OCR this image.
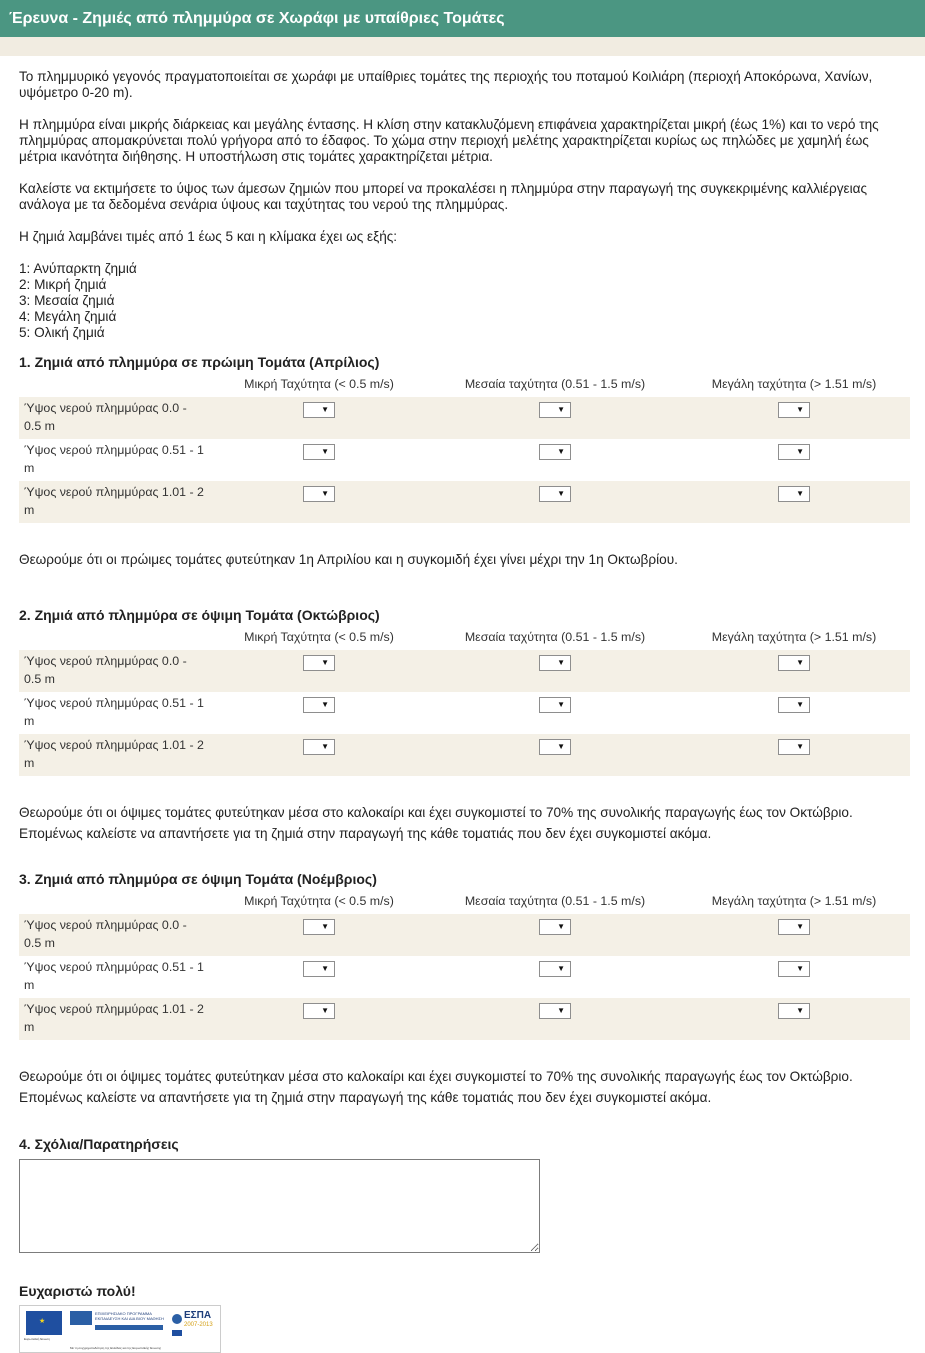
Έρευνα - Ζημιές από πλημμύρα σε Χωράφι με υπαίθριες Τομάτες

Το πλημμυρικό γεγονός πραγματοποιείται σε χωράφι με υπαίθριες τομάτες της περιοχής του ποταμού Κοιλιάρη (περιοχή Αποκόρωνα, Χανίων, υψόμετρο 0-20 m).

Η πλημμύρα είναι μικρής διάρκειας και μεγάλης έντασης. Η κλίση στην κατακλυζόμενη επιφάνεια χαρακτηρίζεται μικρή (έως 1%) και το νερό της πλημμύρας απομακρύνεται πολύ γρήγορα από το έδαφος. Το χώμα στην περιοχή μελέτης χαρακτηρίζεται κυρίως ως πηλώδες με χαμηλή έως μέτρια ικανότητα διήθησης. Η υποστήλωση στις τομάτες χαρακτηρίζεται μέτρια.

Καλείστε να εκτιμήσετε το ύψος των άμεσων ζημιών που μπορεί να προκαλέσει η πλημμύρα στην παραγωγή της συγκεκριμένης καλλιέργειας ανάλογα με τα δεδομένα σενάρια ύψους και ταχύτητας του νερού της πλημμύρας.

Η ζημιά λαμβάνει τιμές από 1 έως 5 και η κλίμακα έχει ως εξής:

1: Ανύπαρκτη ζημιά
2: Μικρή ζημιά
3: Μεσαία ζημιά
4: Μεγάλη ζημιά
5: Ολική ζημιά
1. Ζημιά από πλημμύρα σε πρώιμη Τομάτα (Απρίλιος)
	Μικρή Ταχύτητα (< 0.5 m/s)	Μεσαία ταχύτητα (0.51 - 1.5 m/s)	Μεγάλη ταχύτητα (> 1.51 m/s)
Ύψος νερού πλημμύρας 0.0 - 0.5 m	▼	▼	▼

Ύψος νερού πλημμύρας 0.51 - 1 m	▼	▼	▼

Ύψος νερού πλημμύρας 1.01 - 2 m	▼	▼	▼
Θεωρούμε ότι οι πρώιμες τομάτες φυτεύτηκαν 1η Απριλίου και η συγκομιδή έχει γίνει μέχρι την 1η Οκτωβρίου.
2. Ζημιά από πλημμύρα σε όψιμη Τομάτα (Οκτώβριος)
	Μικρή Ταχύτητα (< 0.5 m/s)	Μεσαία ταχύτητα (0.51 - 1.5 m/s)	Μεγάλη ταχύτητα (> 1.51 m/s)
Ύψος νερού πλημμύρας 0.0 - 0.5 m	▼	▼	▼

Ύψος νερού πλημμύρας 0.51 - 1 m	▼	▼	▼

Ύψος νερού πλημμύρας 1.01 - 2 m	▼	▼	▼
Θεωρούμε ότι οι όψιμες τομάτες φυτεύτηκαν μέσα στο καλοκαίρι και έχει συγκομιστεί το 70% της συνολικής παραγωγής έως τον Οκτώβριο.
Επομένως καλείστε να απαντήσετε για τη ζημιά στην παραγωγή της κάθε τοματιάς που δεν έχει συγκομιστεί ακόμα.
3. Ζημιά από πλημμύρα σε όψιμη Τομάτα (Νοέμβριος)
	Μικρή Ταχύτητα (< 0.5 m/s)	Μεσαία ταχύτητα (0.51 - 1.5 m/s)	Μεγάλη ταχύτητα (> 1.51 m/s)
Ύψος νερού πλημμύρας 0.0 - 0.5 m	▼	▼	▼

Ύψος νερού πλημμύρας 0.51 - 1 m	▼	▼	▼

Ύψος νερού πλημμύρας 1.01 - 2 m	▼	▼	▼
Θεωρούμε ότι οι όψιμες τομάτες φυτεύτηκαν μέσα στο καλοκαίρι και έχει συγκομιστεί το 70% της συνολικής παραγωγής έως τον Οκτώβριο.
Επομένως καλείστε να απαντήσετε για τη ζημιά στην παραγωγή της κάθε τοματιάς που δεν έχει συγκομιστεί ακόμα.
4. Σχόλια/Παρατηρήσεις
Ευχαριστώ πολύ!
★
Ευρωπαϊκή Ένωση
ΕΠΙΧΕΙΡΗΣΙΑΚΟ ΠΡΟΓΡΑΜΜΑ ΕΚΠΑΙΔΕΥΣΗ ΚΑΙ ΔΙΑ ΒΙΟΥ ΜΑΘΗΣΗ ΕΣΠΑ
2007-2013
Με τη συγχρηματοδότηση της Ελλάδας και της Ευρωπαϊκής Ένωσης
